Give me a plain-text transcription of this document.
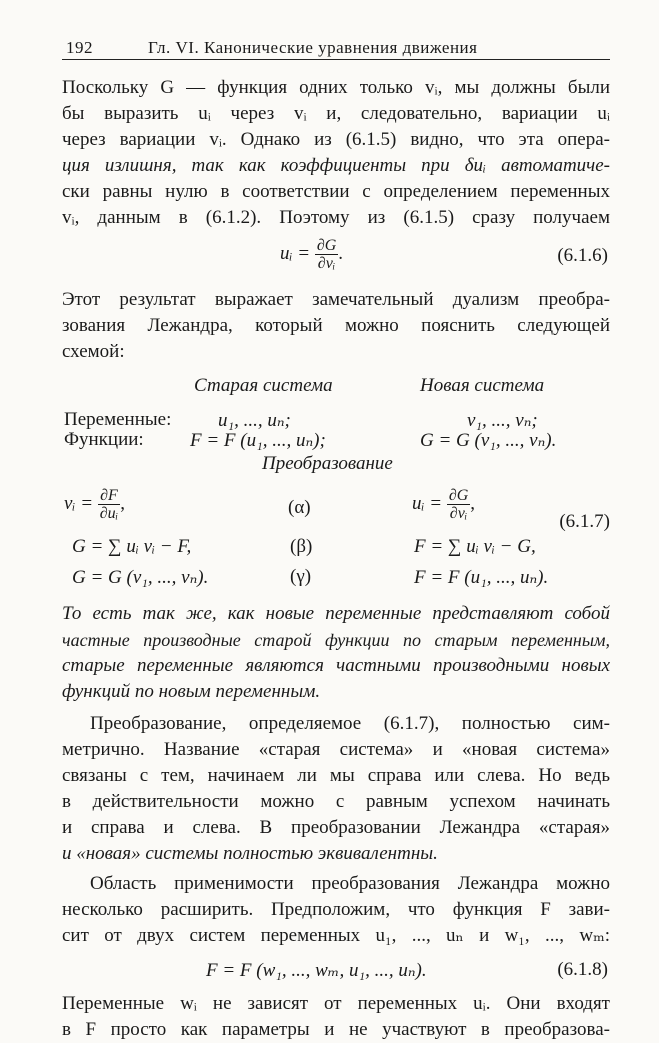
192	Гл. VI. Канонические уравнения движения
Поскольку G — функция одних только vᵢ, мы должны были
бы выразить uᵢ через vᵢ и, следовательно, вариации uᵢ
через вариации vᵢ. Однако из (6.1.5) видно, что эта опера-
ция излишня, так как коэффициенты при δuᵢ автоматиче-
ски равны нулю в соответствии с определением переменных
vᵢ, данным в (6.1.2). Поэтому из (6.1.5) сразу получаем
uᵢ = $\frac{\partial G}{\text{∂vᵢ}}$ .	(6.1.6)
Этот результат выражает замечательный дуализм преобра-
зования Лежандра, который можно пояснить следующей
схемой:
Старая система	Новая система
Переменные: u₁, ..., uₙ;	v₁, ..., vₙ;
Функции: F = F (u₁, ..., uₙ);	G = G (v₁, ..., vₙ).
Преобразование
vᵢ = $\frac{\partial F}{\text{∂uᵢ}}$ ,	(α)	uᵢ = $\frac{\partial G}{\text{∂vᵢ}}$ ,
(6.1.7)
G = ∑ uᵢ vᵢ − F,	(β)	F = ∑ uᵢ vᵢ − G,
G = G (v₁, ..., vₙ).	(γ)	F = F (u₁, ..., uₙ).
То есть так же, как новые переменные представляют собой
частные производные старой функции по старым переменным,
старые переменные являются частными производными новых
функций по новым переменным.
Преобразование, определяемое (6.1.7), полностью сим-
метрично. Название «старая система» и «новая система»
связаны с тем, начинаем ли мы справа или слева. Но ведь
в действительности можно с равным успехом начинать
и справа и слева. В преобразовании Лежандра «старая»
и «новая» системы полностью эквивалентны.
Область применимости преобразования Лежандра можно
несколько расширить. Предположим, что функция F зави-
сит от двух систем переменных u₁, ..., uₙ и w₁, ..., wₘ:
F = F (w₁, ..., wₘ, u₁, ..., uₙ).	(6.1.8)
Переменные wᵢ не зависят от переменных uᵢ. Они входят
в F просто как параметры и не участвуют в преобразова-
